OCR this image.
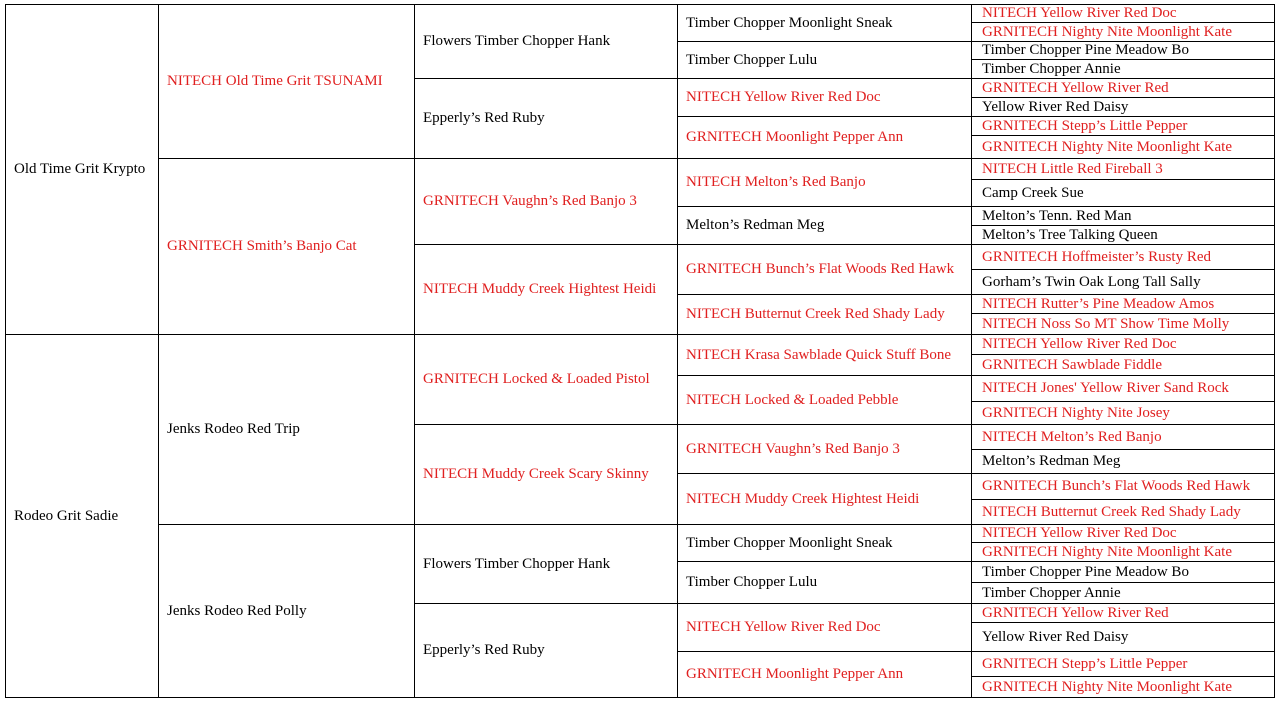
Old Time Grit Krypto
Rodeo Grit Sadie
NITECH Old Time Grit TSUNAMI
GRNITECH Smith’s Banjo Cat
Jenks Rodeo Red Trip
Jenks Rodeo Red Polly
Flowers Timber Chopper Hank
Epperly’s Red Ruby
GRNITECH Vaughn’s Red Banjo 3
NITECH Muddy Creek Hightest Heidi
GRNITECH Locked & Loaded Pistol
NITECH Muddy Creek Scary Skinny
Flowers Timber Chopper Hank
Epperly’s Red Ruby
Timber Chopper Moonlight Sneak
Timber Chopper Lulu
NITECH Yellow River Red Doc
GRNITECH Moonlight Pepper Ann
NITECH Melton’s Red Banjo
Melton’s Redman Meg
GRNITECH Bunch’s Flat Woods Red Hawk
NITECH Butternut Creek Red Shady Lady
NITECH Krasa Sawblade Quick Stuff Bone
NITECH Locked & Loaded Pebble
GRNITECH Vaughn’s Red Banjo 3
NITECH Muddy Creek Hightest Heidi
Timber Chopper Moonlight Sneak
Timber Chopper Lulu
NITECH Yellow River Red Doc
GRNITECH Moonlight Pepper Ann
NITECH Yellow River Red Doc
GRNITECH Nighty Nite Moonlight Kate
Timber Chopper Pine Meadow Bo
Timber Chopper Annie
GRNITECH Yellow River Red
Yellow River Red Daisy
GRNITECH Stepp’s Little Pepper
GRNITECH Nighty Nite Moonlight Kate
NITECH Little Red Fireball 3
Camp Creek Sue
Melton’s Tenn. Red Man
Melton’s Tree Talking Queen
GRNITECH Hoffmeister’s Rusty Red
Gorham’s Twin Oak Long Tall Sally
NITECH Rutter’s Pine Meadow Amos
NITECH Noss So MT Show Time Molly
NITECH Yellow River Red Doc
GRNITECH Sawblade Fiddle
NITECH Jones' Yellow River Sand Rock
GRNITECH Nighty Nite Josey
NITECH Melton’s Red Banjo
Melton’s Redman Meg
GRNITECH Bunch’s Flat Woods Red Hawk
NITECH Butternut Creek Red Shady Lady
NITECH Yellow River Red Doc
GRNITECH Nighty Nite Moonlight Kate
Timber Chopper Pine Meadow Bo
Timber Chopper Annie
GRNITECH Yellow River Red
Yellow River Red Daisy
GRNITECH Stepp’s Little Pepper
GRNITECH Nighty Nite Moonlight Kate
